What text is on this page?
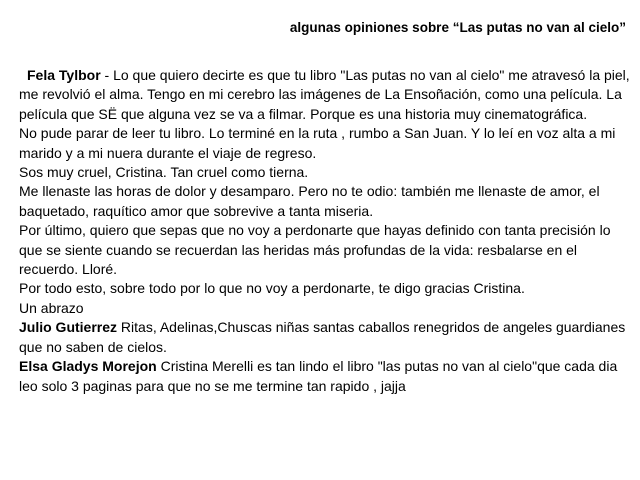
algunas opiniones sobre “Las putas no van al cielo”

Fela Tylbor - Lo que quiero decirte es que tu libro "Las putas no van al cielo" me atravesó la piel, me revolvió el alma. Tengo en mi cerebro las imágenes de La Ensoñación, como una película. La película que SË que alguna vez se va a filmar. Porque es una historia muy cinematográfica.

No pude parar de leer tu libro. Lo terminé en la ruta , rumbo a San Juan. Y lo leí en voz alta a mi marido y a mi nuera durante el viaje de regreso.

Sos muy cruel, Cristina. Tan cruel como tierna.

Me llenaste las horas de dolor y desamparo. Pero no te odio: también me llenaste de amor, el baquetado, raquítico amor que sobrevive a tanta miseria.

Por último, quiero que sepas que no voy a perdonarte que hayas definido con tanta precisión lo que se siente cuando se recuerdan las heridas más profundas de la vida: resbalarse en el recuerdo. Lloré.

Por todo esto, sobre todo por lo que no voy a perdonarte, te digo gracias Cristina.

Un abrazo

Julio Gutierrez Ritas, Adelinas,Chuscas niñas santas caballos renegridos de angeles guardianes que no saben de cielos.

Elsa Gladys Morejon Cristina Merelli es tan lindo el libro "las putas no van al cielo"que cada dia leo solo 3 paginas para que no se me termine tan rapido , jajja
